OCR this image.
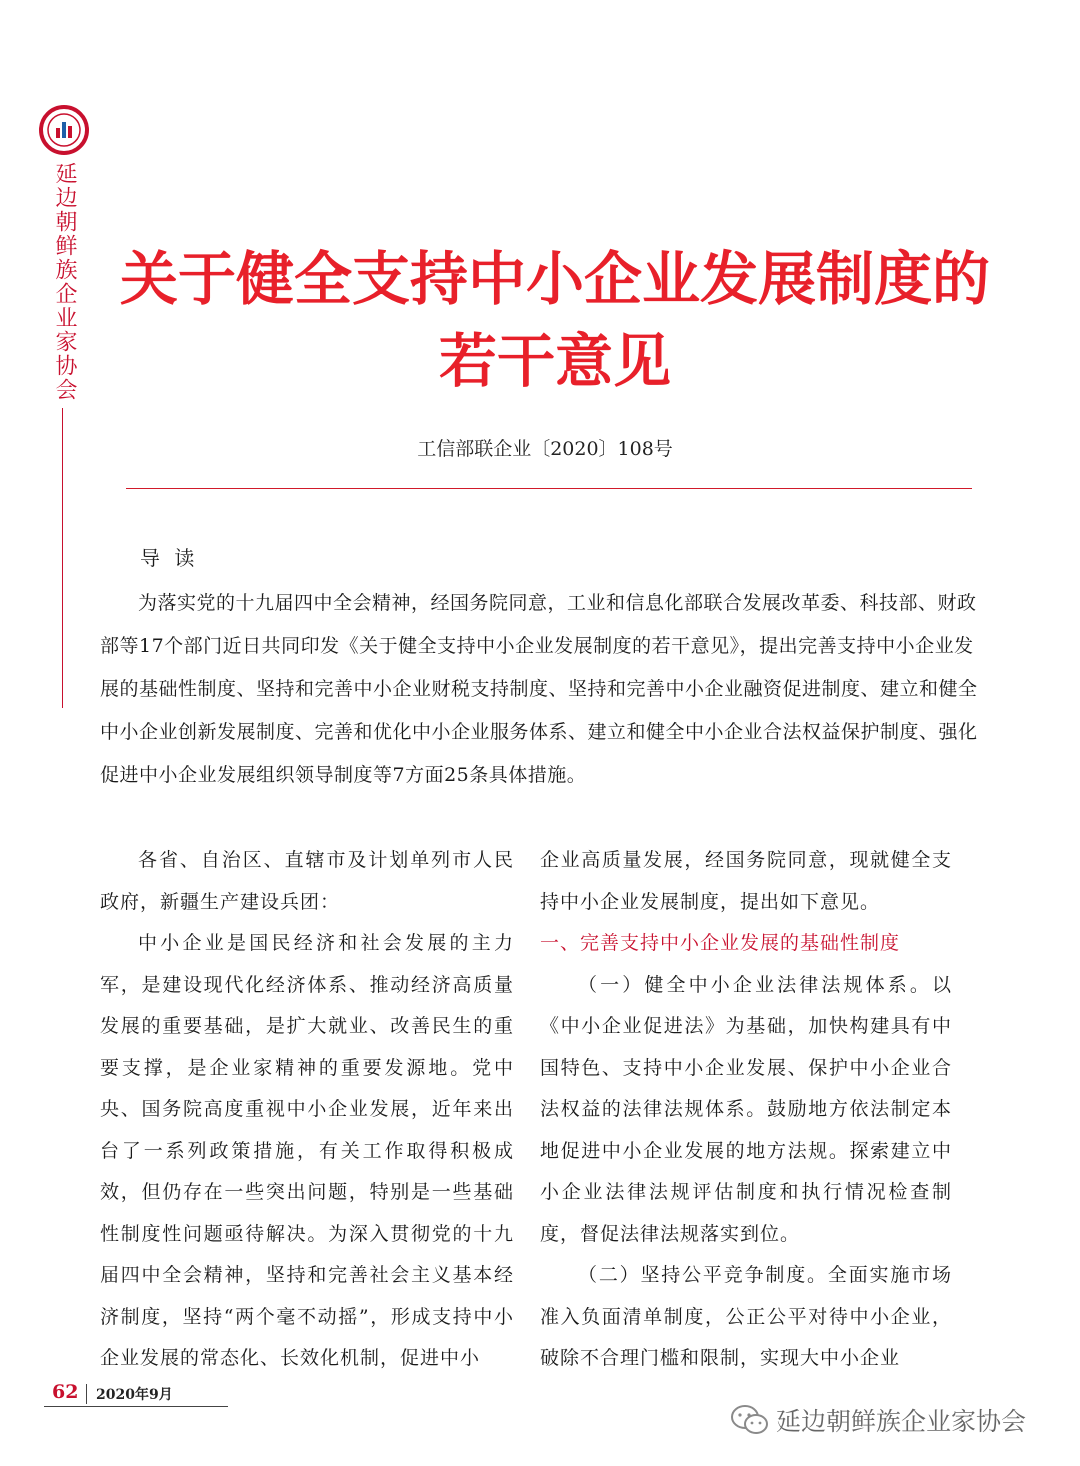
延边朝鲜族企业家协会 关于健全支持中小企业发展制度的
若干意见
工信部联企业〔2020〕108号
导 读

为落实党的十九届四中全会精神，经国务院同意，工业和信息化部联合发展改革委、科技部、财政部等17个部门近日共同印发《关于健全支持中小企业发展制度的若干意见》，提出完善支持中小企业发展的基础性制度、坚持和完善中小企业财税支持制度、坚持和完善中小企业融资促进制度、建立和健全中小企业创新发展制度、完善和优化中小企业服务体系、建立和健全中小企业合法权益保护制度、强化促进中小企业发展组织领导制度等7方面25条具体措施。

各省、自治区、直辖市及计划单列市人民政府，新疆生产建设兵团：

中小企业是国民经济和社会发展的主力军，是建设现代化经济体系、推动经济高质量发展的重要基础，是扩大就业、改善民生的重要支撑，是企业家精神的重要发源地。党中央、国务院高度重视中小企业发展，近年来出台了一系列政策措施，有关工作取得积极成效，但仍存在一些突出问题，特别是一些基础性制度性问题亟待解决。为深入贯彻党的十九届四中全会精神，坚持和完善社会主义基本经济制度，坚持“两个毫不动摇”，形成支持中小企业发展的常态化、长效化机制，促进中小

企业高质量发展，经国务院同意，现就健全支持中小企业发展制度，提出如下意见。

一、完善支持中小企业发展的基础性制度

（一）健全中小企业法律法规体系。以《中小企业促进法》为基础，加快构建具有中国特色、支持中小企业发展、保护中小企业合法权益的法律法规体系。鼓励地方依法制定本地促进中小企业发展的地方法规。探索建立中小企业法律法规评估制度和执行情况检查制度，督促法律法规落实到位。

（二）坚持公平竞争制度。全面实施市场准入负面清单制度，公正公平对待中小企业，破除不合理门槛和限制，实现大中小企业

62 2020年9月
延边朝鲜族企业家协会
